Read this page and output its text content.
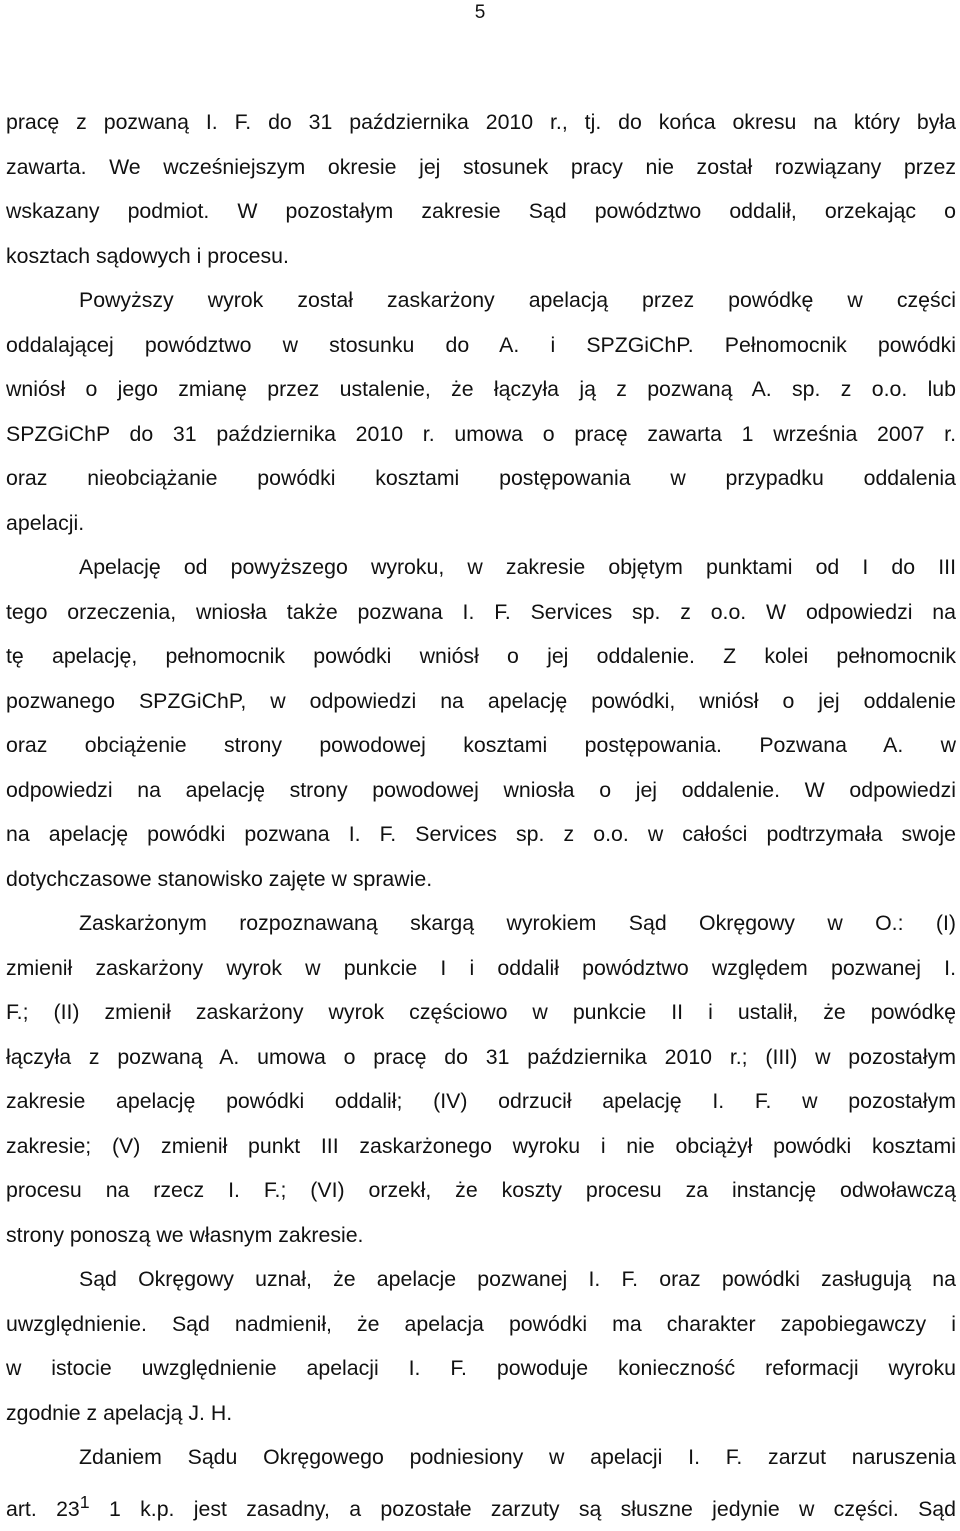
5
pracę z pozwaną I. F. do 31 października 2010 r., tj. do końca okresu na który była
zawarta. We wcześniejszym okresie jej stosunek pracy nie został rozwiązany przez
wskazany podmiot. W pozostałym zakresie Sąd powództwo oddalił, orzekając o
kosztach sądowych i procesu.
Powyższy wyrok został zaskarżony apelacją przez powódkę w części
oddalającej powództwo w stosunku do A. i SPZGiChP. Pełnomocnik powódki
wniósł o jego zmianę przez ustalenie, że łączyła ją z pozwaną A. sp. z o.o. lub
SPZGiChP do 31 października 2010 r. umowa o pracę zawarta 1 września 2007 r.
oraz nieobciążanie powódki kosztami postępowania w przypadku oddalenia
apelacji.
Apelację od powyższego wyroku, w zakresie objętym punktami od I do III
tego orzeczenia, wniosła także pozwana I. F. Services sp. z o.o. W odpowiedzi na
tę apelację, pełnomocnik powódki wniósł o jej oddalenie. Z kolei pełnomocnik
pozwanego SPZGiChP, w odpowiedzi na apelację powódki, wniósł o jej oddalenie
oraz obciążenie strony powodowej kosztami postępowania. Pozwana A. w
odpowiedzi na apelację strony powodowej wniosła o jej oddalenie. W odpowiedzi
na apelację powódki pozwana I. F. Services sp. z o.o. w całości podtrzymała swoje
dotychczasowe stanowisko zajęte w sprawie.
Zaskarżonym rozpoznawaną skargą wyrokiem Sąd Okręgowy w O.: (I)
zmienił zaskarżony wyrok w punkcie I i oddalił powództwo względem pozwanej I.
F.; (II) zmienił zaskarżony wyrok częściowo w punkcie II i ustalił, że powódkę
łączyła z pozwaną A. umowa o pracę do 31 października 2010 r.; (III) w pozostałym
zakresie apelację powódki oddalił; (IV) odrzucił apelację I. F. w pozostałym
zakresie; (V) zmienił punkt III zaskarżonego wyroku i nie obciążył powódki kosztami
procesu na rzecz I. F.; (VI) orzekł, że koszty procesu za instancję odwoławczą
strony ponoszą we własnym zakresie.
Sąd Okręgowy uznał, że apelacje pozwanej I. F. oraz powódki zasługują na
uwzględnienie. Sąd nadmienił, że apelacja powódki ma charakter zapobiegawczy i
w istocie uwzględnienie apelacji I. F. powoduje konieczność reformacji wyroku
zgodnie z apelacją J. H.
Zdaniem Sądu Okręgowego podniesiony w apelacji I. F. zarzut naruszenia
art. $23^1$ 1 k.p. jest zasadny, a pozostałe zarzuty są słuszne jedynie w części. Sąd
